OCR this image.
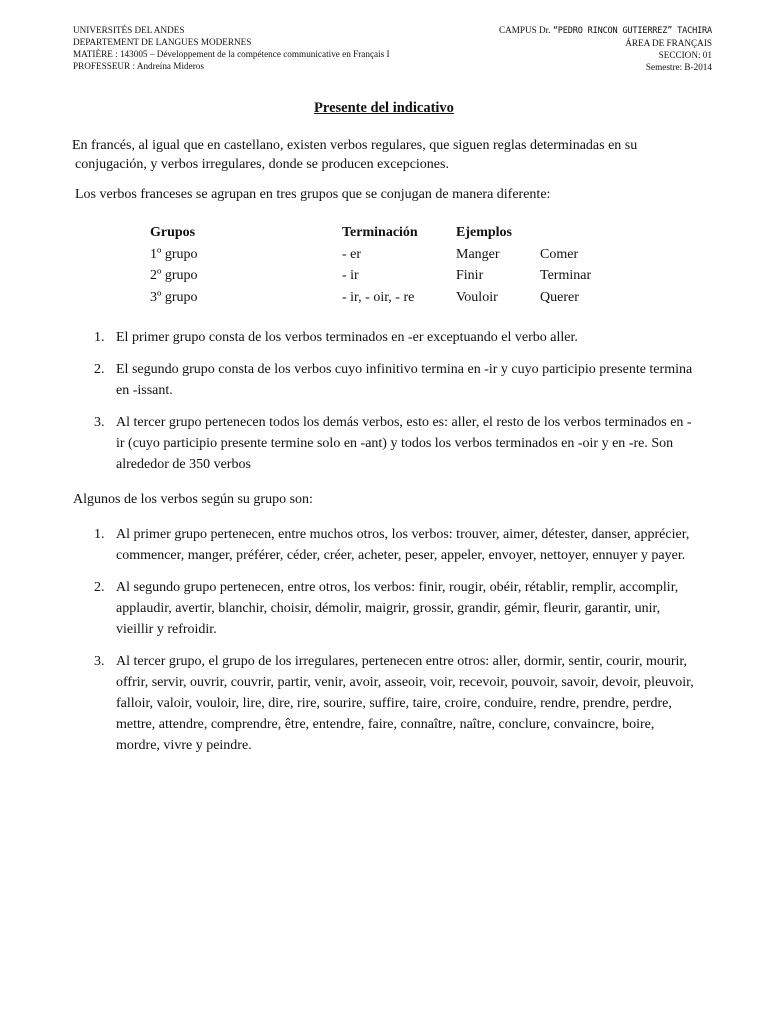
UNIVERSITÉS DEL ANDES
DEPARTEMENT DE LANGUES MODERNES
MATIÈRE : 143005 – Développement de la compétence communicative en Français I
PROFESSEUR : Andreína Mideros
CAMPUS Dr. “PEDRO RINCON GUTIERREZ” TACHIRA
ÁREA DE FRANÇAIS
SECCION: 01
Semestre: B-2014
Presente del indicativo

En francés, al igual que en castellano, existen verbos regulares, que siguen reglas determinadas en su conjugación, y verbos irregulares, donde se producen excepciones.

Los verbos franceses se agrupan en tres grupos que se conjugan de manera diferente:

Grupos	Terminación	Ejemplos	
1º grupo	- er	Manger	Comer
2º grupo	- ir	Finir	Terminar
3º grupo	- ir, - oir, - re	Vouloir	Querer
1. El primer grupo consta de los verbos terminados en -er exceptuando el verbo aller.
2. El segundo grupo consta de los verbos cuyo infinitivo termina en -ir y cuyo participio presente termina en -issant.
3. Al tercer grupo pertenecen todos los demás verbos, esto es: aller, el resto de los verbos terminados en -ir (cuyo participio presente termine solo en -ant) y todos los verbos terminados en -oir y en -re. Son alrededor de 350 verbos

Algunos de los verbos según su grupo son:

1. Al primer grupo pertenecen, entre muchos otros, los verbos: trouver, aimer, détester, danser, apprécier, commencer, manger, préférer, céder, créer, acheter, peser, appeler, envoyer, nettoyer, ennuyer y payer.
2. Al segundo grupo pertenecen, entre otros, los verbos: finir, rougir, obéir, rétablir, remplir, accomplir, applaudir, avertir, blanchir, choisir, démolir, maigrir, grossir, grandir, gémir, fleurir, garantir, unir, vieillir y refroidir.
3. Al tercer grupo, el grupo de los irregulares, pertenecen entre otros: aller, dormir, sentir, courir, mourir, offrir, servir, ouvrir, couvrir, partir, venir, avoir, asseoir, voir, recevoir, pouvoir, savoir, devoir, pleuvoir, falloir, valoir, vouloir, lire, dire, rire, sourire, suffire, taire, croire, conduire, rendre, prendre, perdre, mettre, attendre, comprendre, être, entendre, faire, connaître, naître, conclure, convaincre, boire, mordre, vivre y peindre.
